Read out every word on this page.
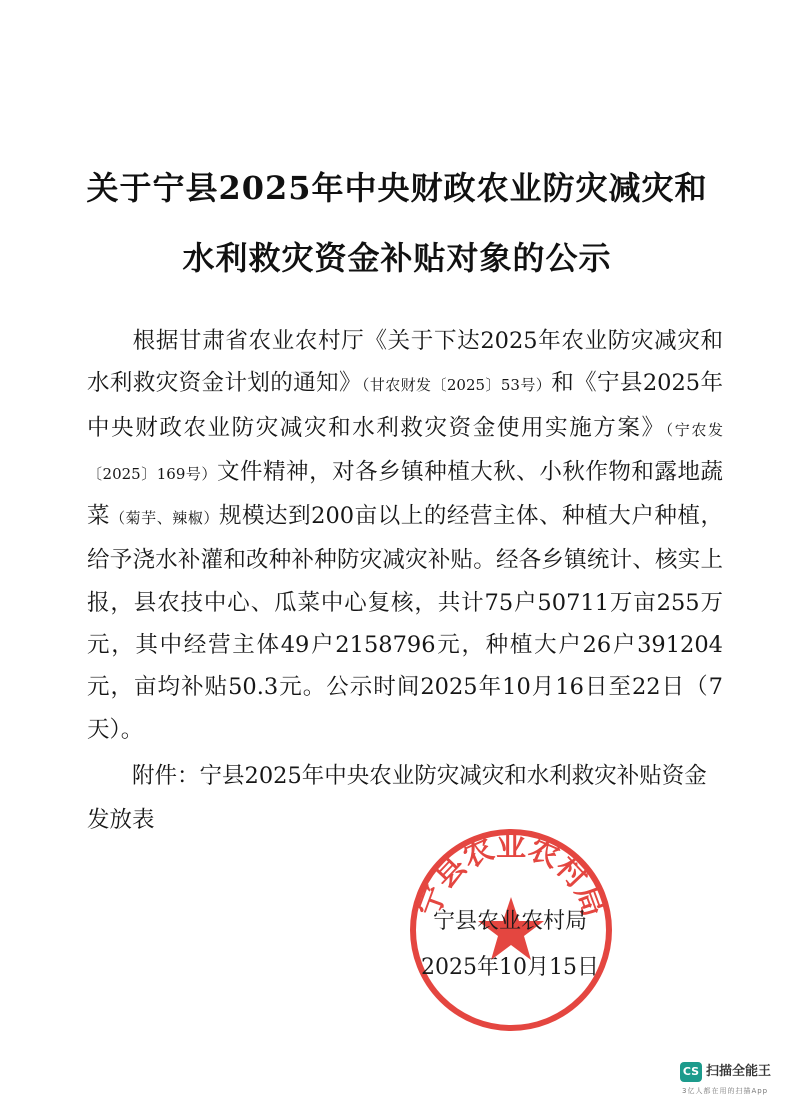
关于宁县2025年中央财政农业防灾减灾和
水利救灾资金补贴对象的公示

根据甘肃省农业农村厅《关于下达2025年农业防灾减灾和水利救灾资金计划的通知》（甘农财发〔2025〕53号）和《宁县2025年中央财政农业防灾减灾和水利救灾资金使用实施方案》（宁农发〔2025〕169号）文件精神，对各乡镇种植大秋、小秋作物和露地蔬菜（菊芋、辣椒）规模达到200亩以上的经营主体、种植大户种植，给予浇水补灌和改种补种防灾减灾补贴。经各乡镇统计、核实上报，县农技中心、瓜菜中心复核，共计75户50711万亩255万元，其中经营主体49户2158796元，种植大户26户391204元，亩均补贴50.3元。公示时间2025年10月16日至22日（7天）。

附件：宁县2025年中央农业防灾减灾和水利救灾补贴资金发放表

宁县农业农村局
宁县农业农村局
2025年10月15日
CS 扫描全能王
3亿人都在用的扫描App
